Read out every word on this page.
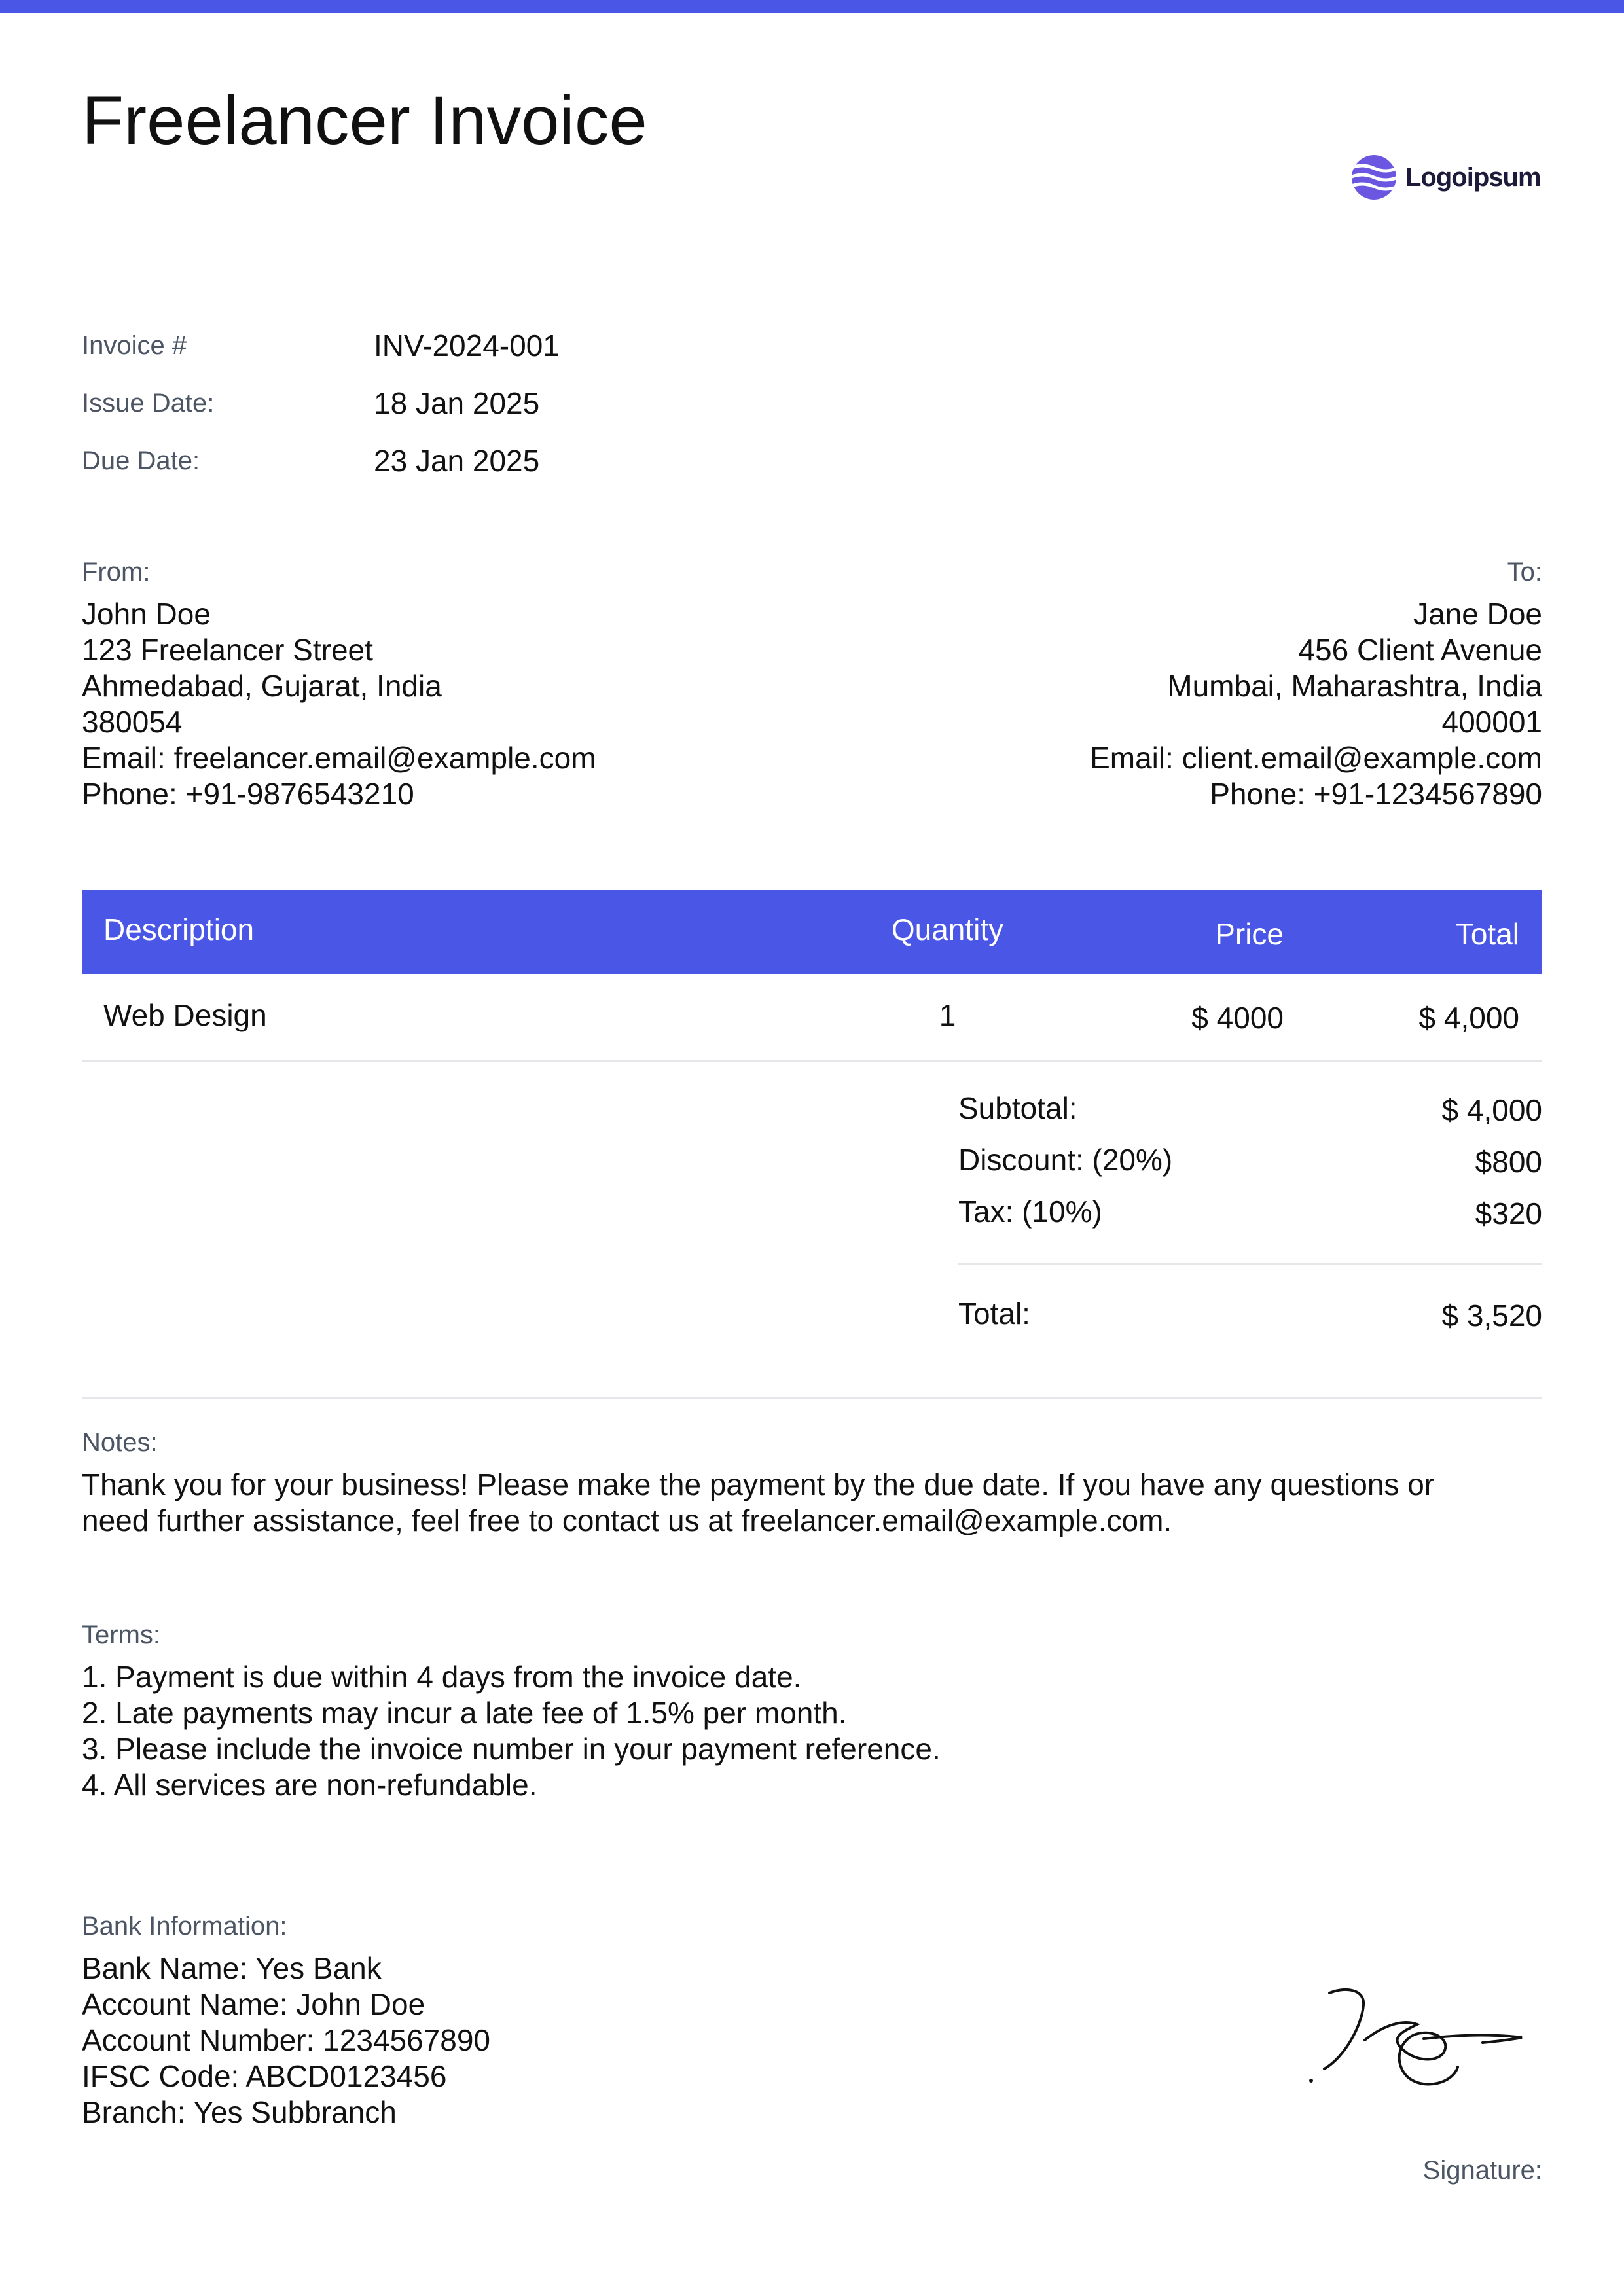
Freelancer Invoice
Logoipsum
Invoice #	INV-2024-001
Issue Date:	18 Jan 2025
Due Date:	23 Jan 2025
From:
John Doe
123 Freelancer Street
Ahmedabad, Gujarat, India
380054
Email: freelancer.email@example.com
Phone: +91-9876543210
To:
Jane Doe
456 Client Avenue
Mumbai, Maharashtra, India
400001
Email: client.email@example.com
Phone: +91-1234567890
Description	Quantity	Price	Total
Web Design	1	$ 4000	$ 4,000
Subtotal:	$ 4,000
Discount: (20%)	$800
Tax: (10%)	$320
Total:	$ 3,520
Notes:
Thank you for your business! Please make the payment by the due date. If you have any questions or
need further assistance, feel free to contact us at freelancer.email@example.com.
Terms:
1. Payment is due within 4 days from the invoice date.
2. Late payments may incur a late fee of 1.5% per month.
3. Please include the invoice number in your payment reference.
4. All services are non-refundable.
Bank Information:
Bank Name: Yes Bank
Account Name: John Doe
Account Number: 1234567890
IFSC Code: ABCD0123456
Branch: Yes Subbranch
Signature:
